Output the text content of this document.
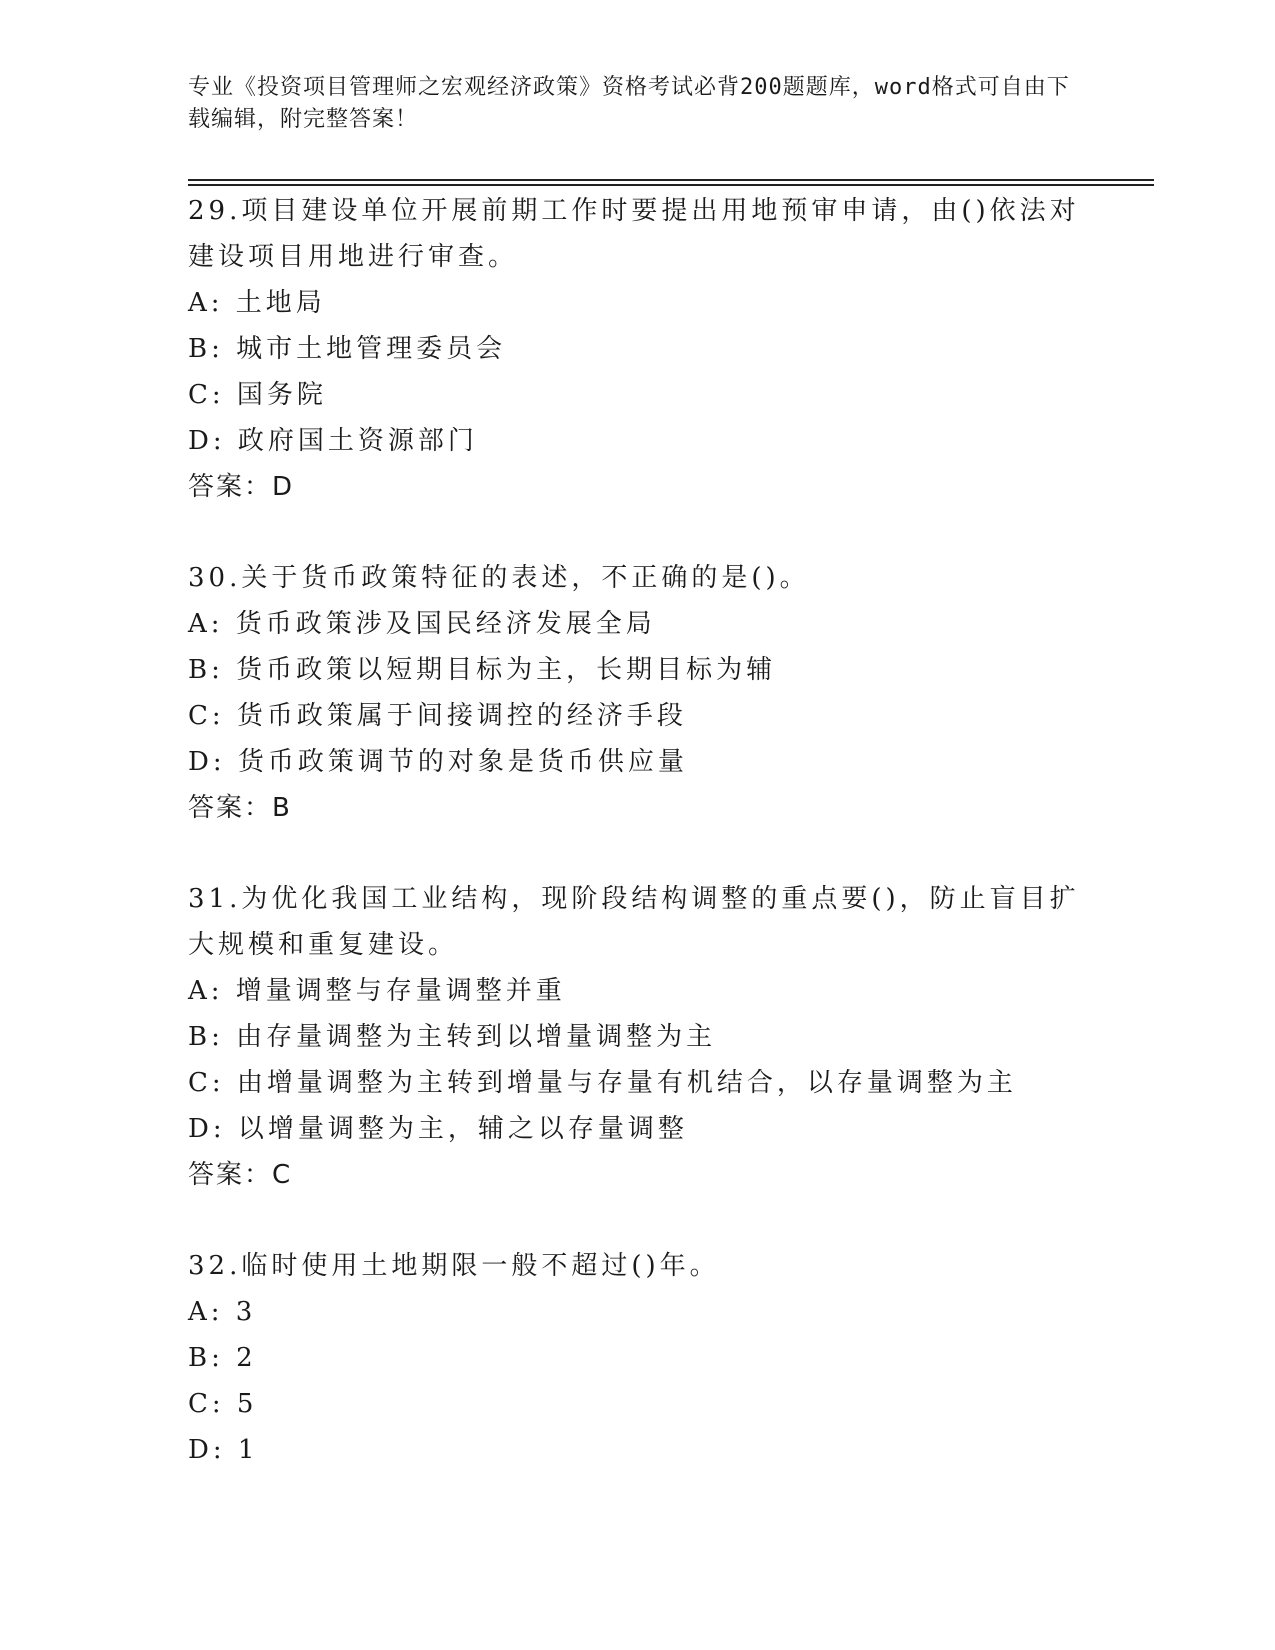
专业《投资项目管理师之宏观经济政策》资格考试必背200题题库，word格式可自由下载编辑，附完整答案！

29.项目建设单位开展前期工作时要提出用地预审申请，由()依法对建设项目用地进行审查。

A: 土地局

B: 城市土地管理委员会

C: 国务院

D: 政府国土资源部门

答案：D

30.关于货币政策特征的表述，不正确的是()。

A: 货币政策涉及国民经济发展全局

B: 货币政策以短期目标为主，长期目标为辅

C: 货币政策属于间接调控的经济手段

D: 货币政策调节的对象是货币供应量

答案：B

31.为优化我国工业结构，现阶段结构调整的重点要()，防止盲目扩大规模和重复建设。

A: 增量调整与存量调整并重

B: 由存量调整为主转到以增量调整为主

C: 由增量调整为主转到增量与存量有机结合，以存量调整为主

D: 以增量调整为主，辅之以存量调整

答案：C

32.临时使用土地期限一般不超过()年。

A: 3

B: 2

C: 5

D: 1
